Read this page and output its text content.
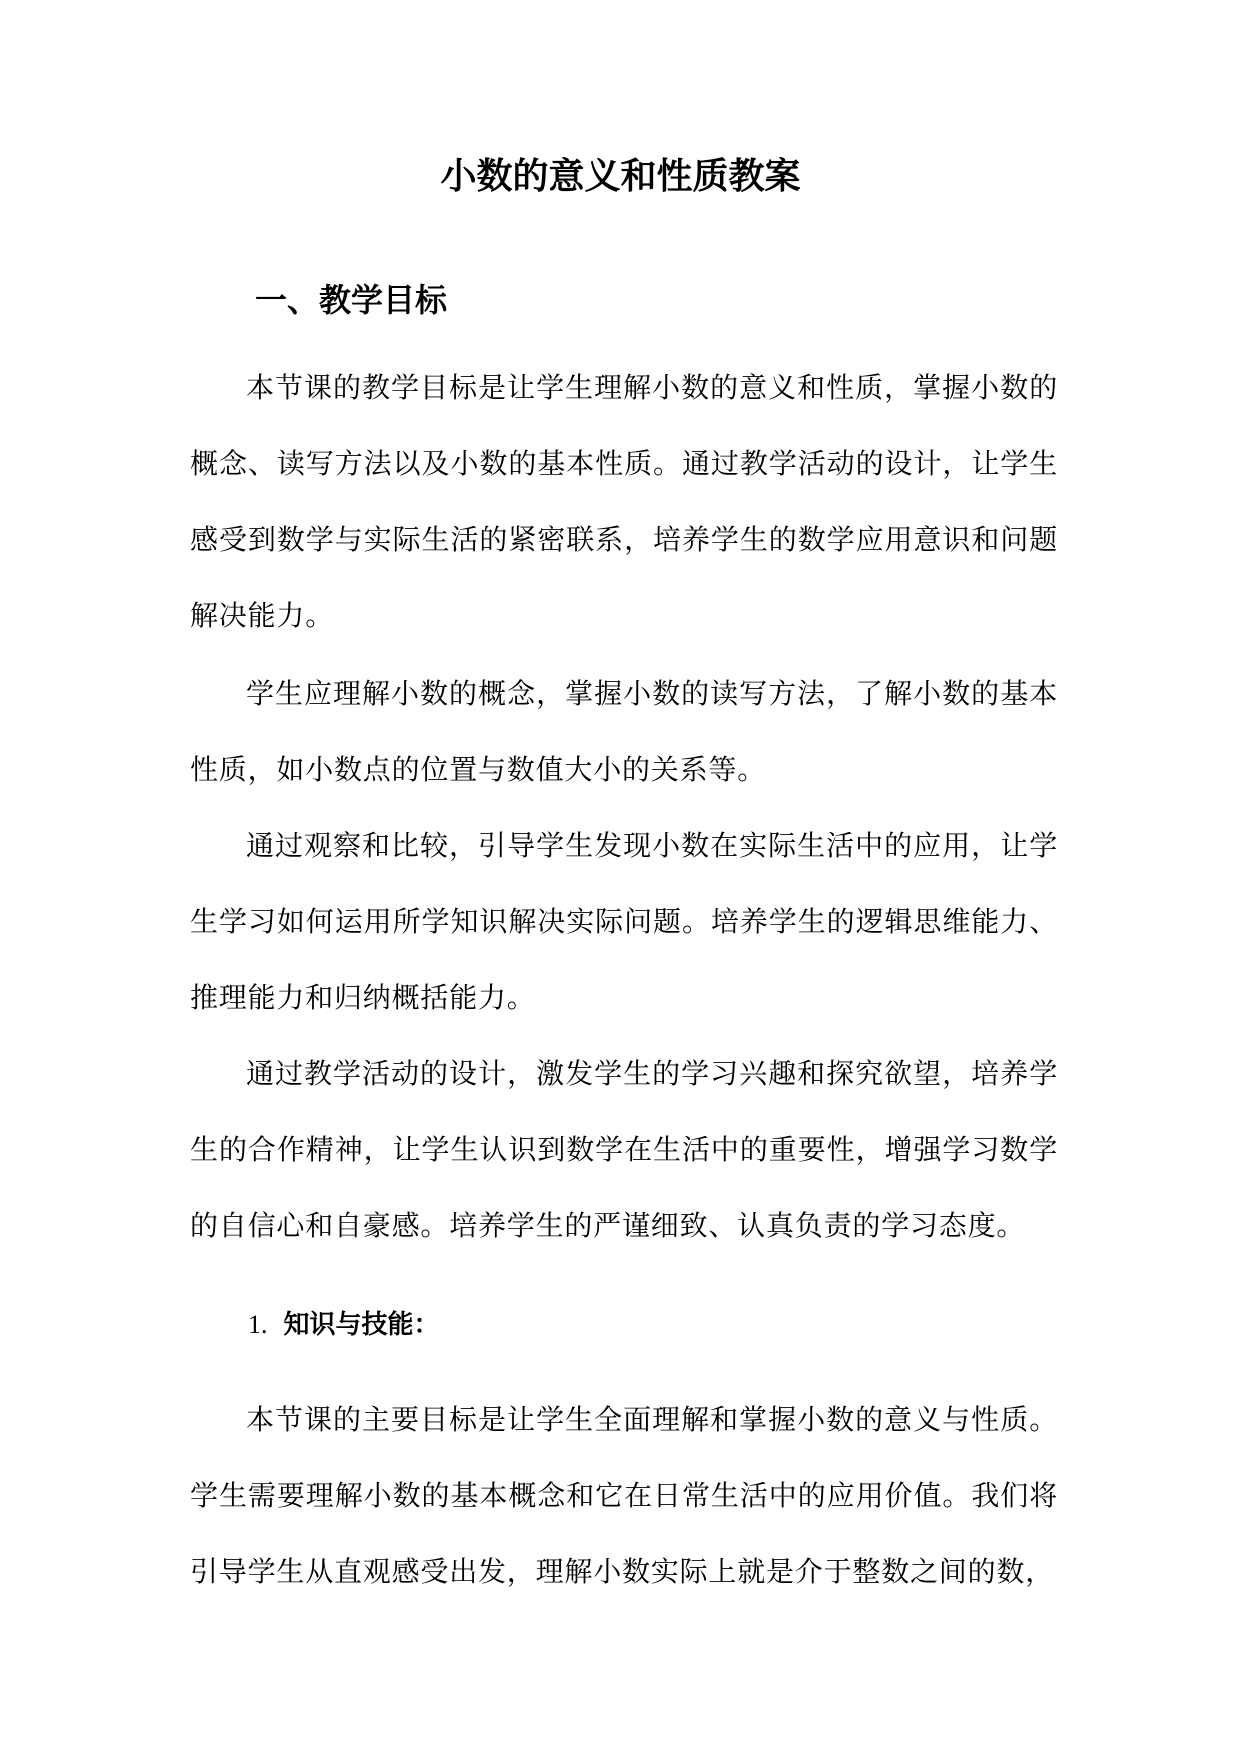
小数的意义和性质教案
一、教学目标

本节课的教学目标是让学生理解小数的意义和性质，掌握小数的概念、读写方法以及小数的基本性质。通过教学活动的设计，让学生感受到数学与实际生活的紧密联系，培养学生的数学应用意识和问题解决能力。

学生应理解小数的概念，掌握小数的读写方法，了解小数的基本性质，如小数点的位置与数值大小的关系等。

通过观察和比较，引导学生发现小数在实际生活中的应用，让学生学习如何运用所学知识解决实际问题。培养学生的逻辑思维能力、推理能力和归纳概括能力。

通过教学活动的设计，激发学生的学习兴趣和探究欲望，培养学生的合作精神，让学生认识到数学在生活中的重要性，增强学习数学的自信心和自豪感。培养学生的严谨细致、认真负责的学习态度。

1. 知识与技能：

本节课的主要目标是让学生全面理解和掌握小数的意义与性质。学生需要理解小数的基本概念和它在日常生活中的应用价值。我们将引导学生从直观感受出发，理解小数实际上就是介于整数之间的数，
